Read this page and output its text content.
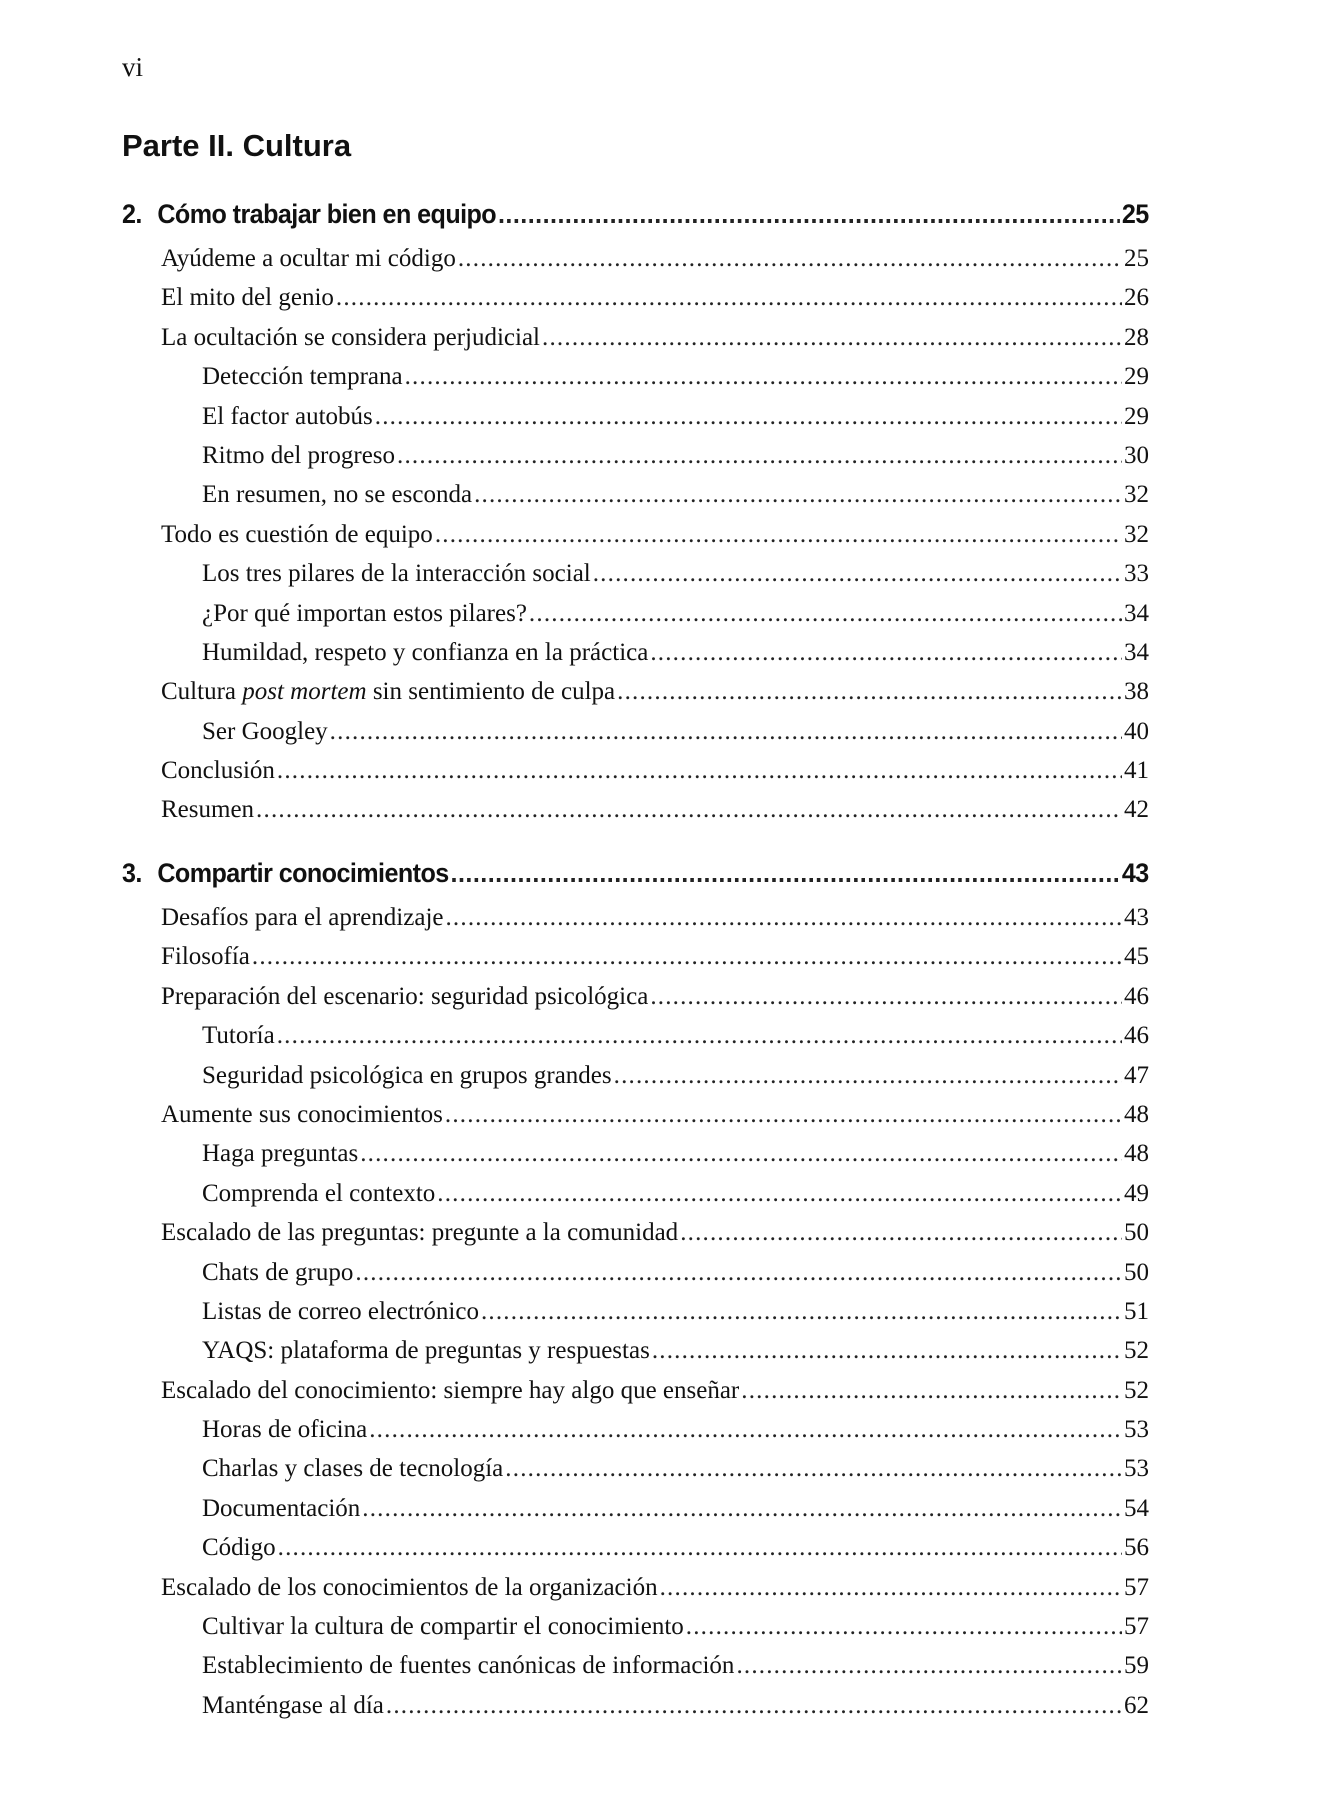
vi
Parte II. Cultura
2. Cómo trabajar bien en equipo .....	25
Ayúdeme a ocultar mi código .....	25
El mito del genio .....	26
La ocultación se considera perjudicial .....	28
Detección temprana .....	29
El factor autobús .....	29
Ritmo del progreso .....	30
En resumen, no se esconda .....	32
Todo es cuestión de equipo .....	32
Los tres pilares de la interacción social .....	33
¿Por qué importan estos pilares? .....	34
Humildad, respeto y confianza en la práctica .....	34
Cultura post mortem sin sentimiento de culpa .....	38
Ser Googley .....	40
Conclusión .....	41
Resumen .....	42
3. Compartir conocimientos .....	43
Desafíos para el aprendizaje .....	43
Filosofía .....	45
Preparación del escenario: seguridad psicológica .....	46
Tutoría .....	46
Seguridad psicológica en grupos grandes .....	47
Aumente sus conocimientos .....	48
Haga preguntas .....	48
Comprenda el contexto .....	49
Escalado de las preguntas: pregunte a la comunidad .....	50
Chats de grupo .....	50
Listas de correo electrónico .....	51
YAQS: plataforma de preguntas y respuestas .....	52
Escalado del conocimiento: siempre hay algo que enseñar .....	52
Horas de oficina .....	53
Charlas y clases de tecnología .....	53
Documentación .....	54
Código .....	56
Escalado de los conocimientos de la organización .....	57
Cultivar la cultura de compartir el conocimiento .....	57
Establecimiento de fuentes canónicas de información .....	59
Manténgase al día .....	62
